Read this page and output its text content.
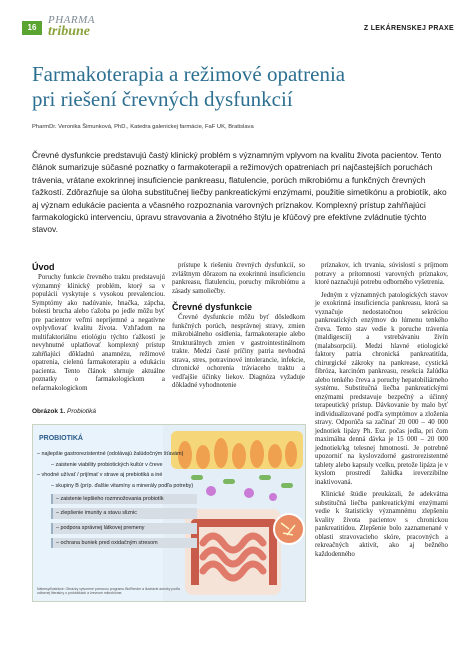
16
PHARMA
tribune	Z LEKÁRENSKEJ PRAXE
Farmakoterapia a režimové opatrenia
pri riešení črevných dysfunkcií
PharmDr. Veronika Šimunková, PhD., Katedra galenickej farmácie, FaF UK, Bratislava

Črevné dysfunkcie predstavujú častý klinický problém s významným vplyvom na kvalitu života pacientov. Tento článok sumarizuje súčasné poznatky o farmakoterapii a režimových opatreniach pri najčastejších poruchách trávenia, vrátane exokrinnej insuficiencie pankreasu, flatulencie, porúch mikrobiómu a funkčných črevných ťažkostí. Zdôrazňuje sa úloha substitučnej liečby pankreatickými enzýmami, použitie simetikónu a probiotík, ako aj význam edukácie pacienta a včasného rozpoznania varovných príznakov. Komplexný prístup zahŕňajúci farmakologickú intervenciu, úpravu stravovania a životného štýlu je kľúčový pre efektívne zvládnutie týchto stavov.

Úvod

Poruchy funkcie črevného traktu predstavujú významný klinický problém, ktorý sa v populácii vyskytuje s vysokou prevalenciou. Symptómy ako nadúvanie, hnačka, zápcha, bolesti brucha alebo ťažoba po jedle môžu byť pre pacientov veľmi nepríjemné a negatívne ovplyvňovať kvalitu života. Vzhľadom na multifaktoriálnu etiológiu týchto ťažkostí je nevyhnutné uplatňovať komplexný prístup zahŕňajúci dôkladnú anamnézu, režimové opatrenia, cielenú farmakoterapiu a edukáciu pacienta. Tento článok shrnuje aktuálne poznatky o farmakologickom a nefarmakologickom

prístupe k riešeniu črevných dysfunkcií, so zvláštnym dôrazom na exokrinnú insuficienciu pankreasu, flatulenciu, poruchy mikrobiómu a zásady samoliečby.

Črevné dysfunkcie

Črevné dysfunkcie môžu byť dôsledkom funkčných porúch, nesprávnej stravy, zmien mikrobiálneho osídlenia, farmakoterapie alebo štrukturálnych zmien v gastrointestinálnom trakte. Medzi časté príčiny patria nevhodná strava, stres, potravinové intolerancie, infekcie, chronické ochorenia tráviaceho traktu a vedľajšie účinky liekov. Diagnóza vyžaduje dôkladné vyhodnotenie

príznakov, ich trvania, súvislostí s príjmom potravy a prítomnosti varovných príznakov, ktoré naznačujú potrebu odborného vyšetrenia.

Jedným z významných patologických stavov je exokrinná insuficiencia pankreasu, ktorá sa vyznačuje nedostatočnou sekréciou pankreatických enzýmov do lúmenu tenkého čreva. Tento stav vedie k poruche trávenia (maldigescii) a vstrebávaniu živín (malabsorpcii). Medzi hlavné etiologické faktory patria chronická pankreatitída, chirurgické zákroky na pankrease, cystická fibróza, karcinóm pankreasu, resekcia žalúdka alebo tenkého čreva a poruchy hepatobiliárneho systému. Substitučná liečba pankreatickými enzýmami predstavuje bezpečný a účinný terapeutický prístup. Dávkovanie by malo byť individualizované podľa symptómov a zloženia stravy. Odporúča sa začínať 20 000 – 40 000 jednotiek lipázy Ph. Eur. počas jedla, pri čom maximálna denná dávka je 15 000 – 20 000 jednotiek/kg telesnej hmotnosti. Je potrebné upozorniť na kyslovzdorné gastrorezistentné tablety alebo kapsuly vcelku, pretože lipáza je v kyslom prostredí žalúdka ireverzibilne inaktivovaná.

Klinické štúdie preukázali, že adekvátna substitučná liečba pankreatickými enzýmami vedie k štatisticky významnému zlepšeniu kvality života pacientov s chronickou pankreatitídou. Zlepšenie bolo zaznamenané v oblasti stravovacieho skóre, pracovných a rekreačných aktivít, ako aj bežného každodenného

Obrázok 1. Probiotiká
PROBIOTIKÁ
– najlepšie gastrorezistentné (odolávajú žalúdočným šťavám)
– zaistenie viability probiotických kultúr v čreve
– vhodné užívať / prijímať v strave aj prebiotiká a iné
– skupiny B (príp. ďalšie vitamíny a minerály podľa potreby)
– zaistenie lepšieho rozmnožovania probiotík
– zlepšenie imunity a stavu sliznic
– podpora správnej látkovej premeny
– ochrana buniek pred oxidačným stresom
Nákresy/ilustrácie: Obrázky vytvorené pomocou programu BioRender a ilustrácie autorky podľa odbornej literatúry o probiotikách a črevnom mikrobióme.
